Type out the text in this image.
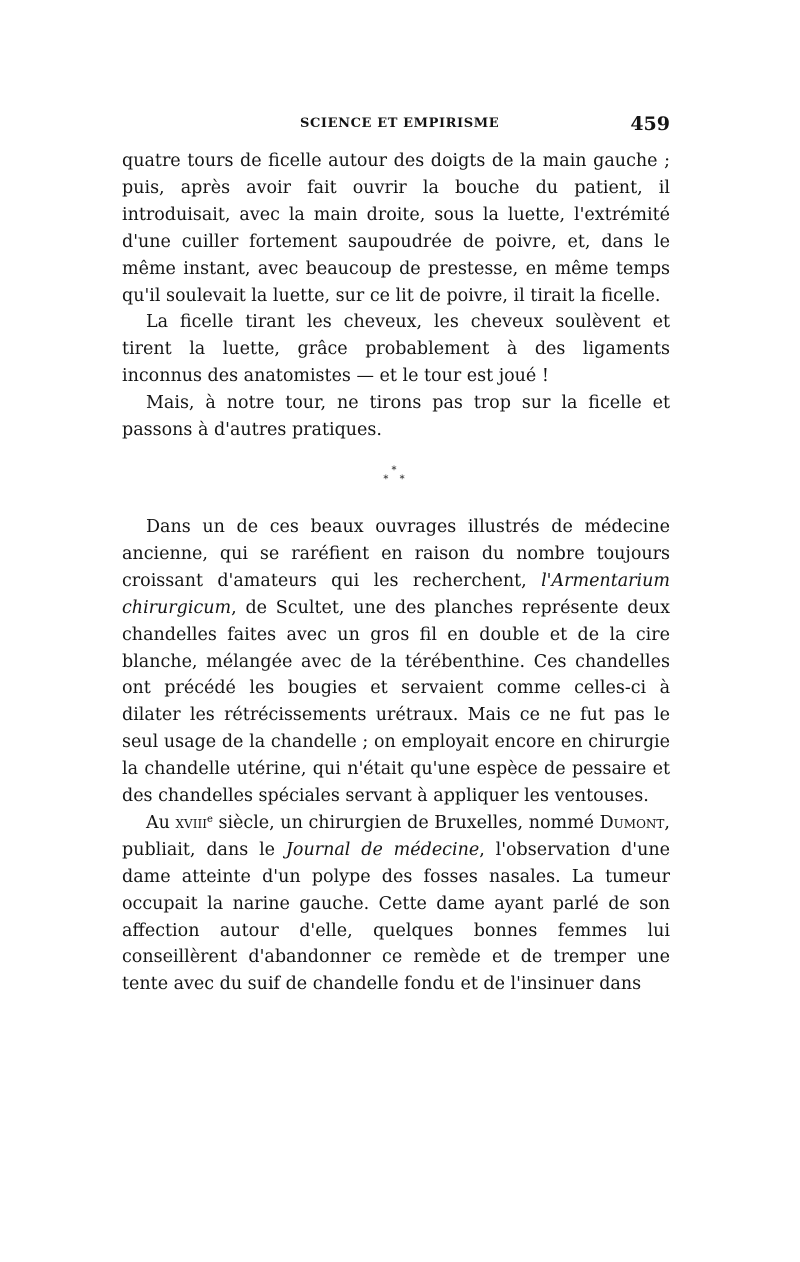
SCIENCE ET EMPIRISME	459

quatre tours de ficelle autour des doigts de la main gauche ; puis, après avoir fait ouvrir la bouche du patient, il introduisait, avec la main droite, sous la luette, l'extrémité d'une cuiller fortement saupoudrée de poivre, et, dans le même instant, avec beaucoup de prestesse, en même temps qu'il soulevait la luette, sur ce lit de poivre, il tirait la ficelle.

La ficelle tirant les cheveux, les cheveux soulèvent et tirent la luette, grâce probablement à des ligaments inconnus des anatomistes — et le tour est joué !

Mais, à notre tour, ne tirons pas trop sur la ficelle et passons à d'autres pratiques.

*
* *

Dans un de ces beaux ouvrages illustrés de médecine ancienne, qui se raréfient en raison du nombre toujours croissant d'amateurs qui les recherchent, l'Armentarium chirurgicum, de Scultet, une des planches représente deux chandelles faites avec un gros fil en double et de la cire blanche, mélangée avec de la térébenthine. Ces chandelles ont précédé les bougies et servaient comme celles-ci à dilater les rétrécissements urétraux. Mais ce ne fut pas le seul usage de la chandelle ; on employait encore en chirurgie la chandelle utérine, qui n'était qu'une espèce de pessaire et des chandelles spéciales servant à appliquer les ventouses.

Au xviii$^e$ siècle, un chirurgien de Bruxelles, nommé Dumont, publiait, dans le Journal de médecine, l'observation d'une dame atteinte d'un polype des fosses nasales. La tumeur occupait la narine gauche. Cette dame ayant parlé de son affection autour d'elle, quelques bonnes femmes lui conseillèrent d'abandonner ce remède et de tremper une tente avec du suif de chandelle fondu et de l'insinuer dans
